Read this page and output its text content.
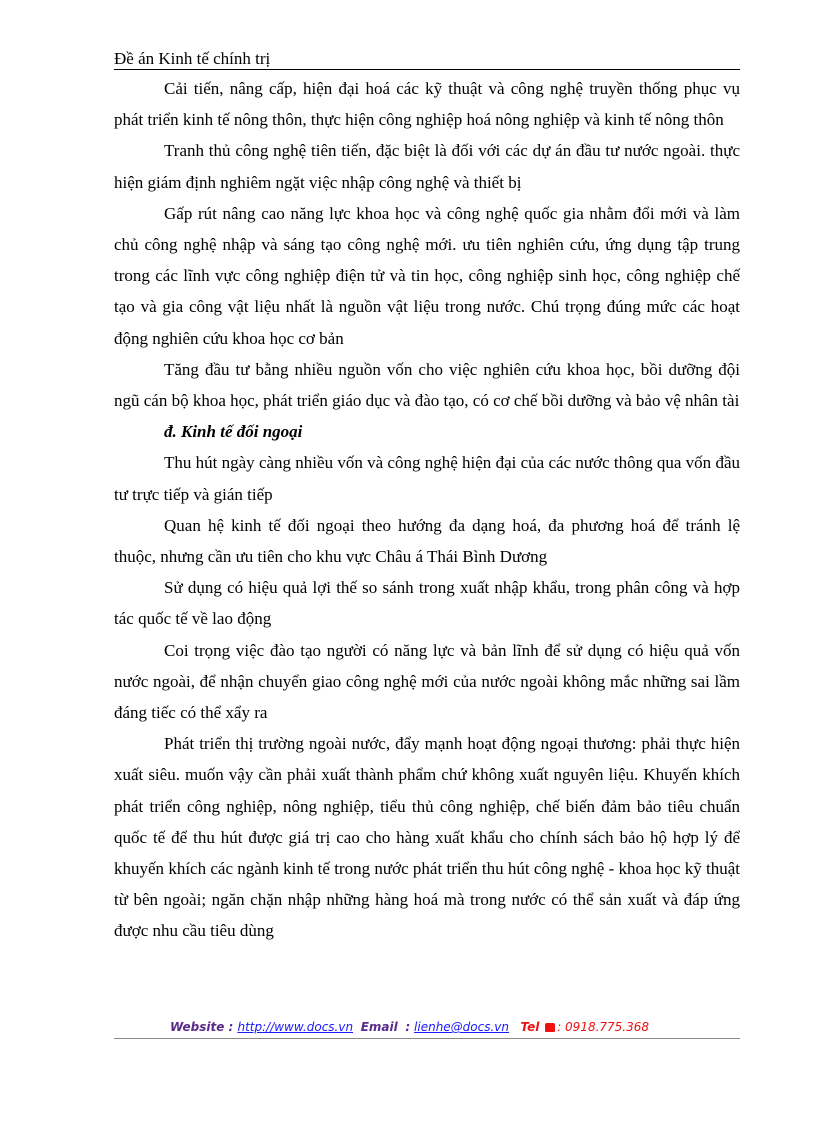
Đề án Kinh tế chính trị

Cải tiến, nâng cấp, hiện đại hoá các kỹ thuật và công nghệ truyền thống phục vụ phát triển kinh tế nông thôn, thực hiện công nghiệp hoá nông nghiệp và kinh tế nông thôn

Tranh thủ công nghệ tiên tiến, đặc biệt là đối với các dự án đầu tư nước ngoài. thực hiện giám định nghiêm ngặt việc nhập công nghệ và thiết bị

Gấp rút nâng cao năng lực khoa học và công nghệ quốc gia nhằm đổi mới và làm chủ công nghệ nhập và sáng tạo công nghệ mới. ưu tiên nghiên cứu, ứng dụng tập trung trong các lĩnh vực công nghiệp điện tử và tin học, công nghiệp sinh học, công nghiệp chế tạo và gia công vật liệu nhất là nguồn vật liệu trong nước. Chú trọng đúng mức các hoạt động nghiên cứu khoa học cơ bản

Tăng đầu tư bằng nhiều nguồn vốn cho việc nghiên cứu khoa học, bồi dưỡng đội ngũ cán bộ khoa học, phát triển giáo dục và đào tạo, có cơ chế bồi dưỡng và bảo vệ nhân tài

đ. Kinh tế đối ngoại

Thu hút ngày càng nhiều vốn và công nghệ hiện đại của các nước thông qua vốn đầu tư trực tiếp và gián tiếp

Quan hệ kinh tế đối ngoại theo hướng đa dạng hoá, đa phương hoá để tránh lệ thuộc, nhưng cần ưu tiên cho khu vực Châu á Thái Bình Dương

Sử dụng có hiệu quả lợi thế so sánh trong xuất nhập khẩu, trong phân công và hợp tác quốc tế về lao động

Coi trọng việc đào tạo người có năng lực và bản lĩnh để sử dụng có hiệu quả vốn nước ngoài, để nhận chuyển giao công nghệ mới của nước ngoài không mắc những sai lầm đáng tiếc có thể xẩy ra

Phát triển thị trường ngoài nước, đẩy mạnh hoạt động ngoại thương: phải thực hiện xuất siêu. muốn vậy cần phải xuất thành phẩm chứ không xuất nguyên liệu. Khuyến khích phát triển công nghiệp, nông nghiệp, tiểu thủ công nghiệp, chế biến đảm bảo tiêu chuẩn quốc tế để thu hút được giá trị cao cho hàng xuất khẩu cho chính sách bảo hộ hợp lý để khuyến khích các ngành kinh tế trong nước phát triển thu hút công nghệ - khoa học kỹ thuật từ bên ngoài; ngăn chặn nhập những hàng hoá mà trong nước có thể sản xuất và đáp ứng được nhu cầu tiêu dùng

Website : http://www.docs.vn Email : lienhe@docs.vn Tel : 0918.775.368
